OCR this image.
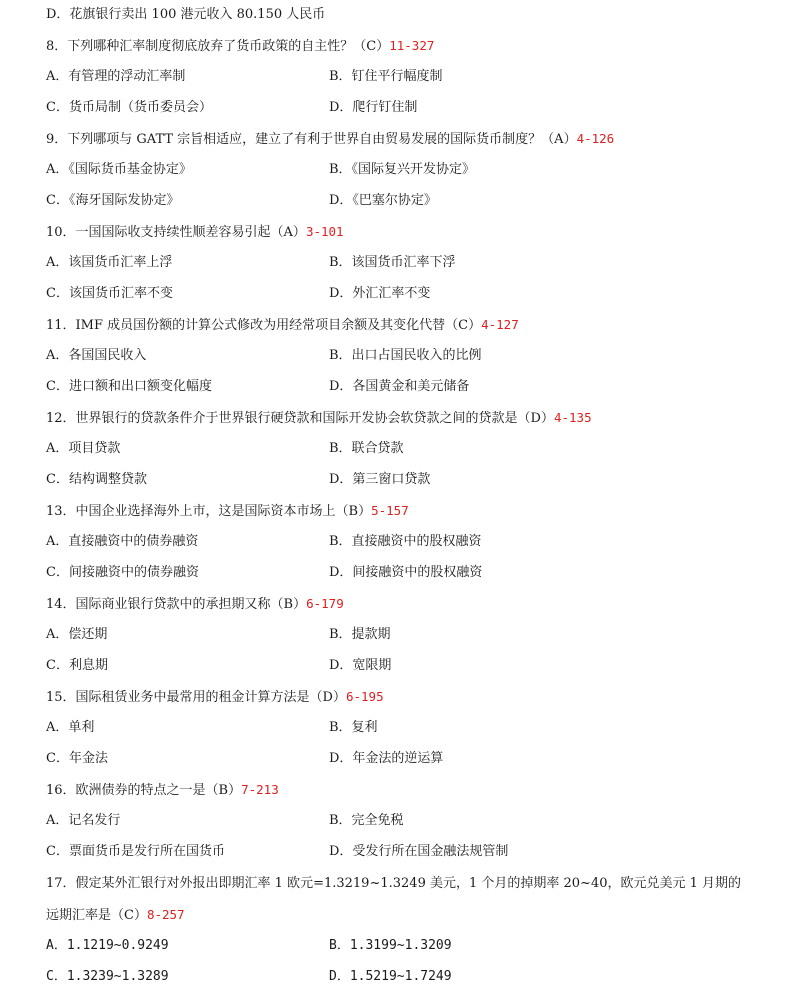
D．花旗银行卖出 100 港元收入 80.150 人民币
8．下列哪种汇率制度彻底放弃了货币政策的自主性？（C）11-327
A．有管理的浮动汇率制	B．钉住平行幅度制
C．货币局制（货币委员会）	D．爬行钉住制
9．下列哪项与 GATT 宗旨相适应，建立了有利于世界自由贸易发展的国际货币制度？（A）4-126
A．《国际货币基金协定》	B．《国际复兴开发协定》
C．《海牙国际发协定》	D．《巴塞尔协定》
10．一国国际收支持续性顺差容易引起（A）3-101
A．该国货币汇率上浮	B．该国货币汇率下浮
C．该国货币汇率不变	D．外汇汇率不变
11．IMF 成员国份额的计算公式修改为用经常项目余额及其变化代替（C）4-127
A．各国国民收入	B．出口占国民收入的比例
C．进口额和出口额变化幅度	D．各国黄金和美元储备
12．世界银行的贷款条件介于世界银行硬贷款和国际开发协会软贷款之间的贷款是（D）4-135
A．项目贷款	B．联合贷款
C．结构调整贷款	D．第三窗口贷款
13．中国企业选择海外上市，这是国际资本市场上（B）5-157
A．直接融资中的债券融资	B．直接融资中的股权融资
C．间接融资中的债券融资	D．间接融资中的股权融资
14．国际商业银行贷款中的承担期又称（B）6-179
A．偿还期	B．提款期
C．利息期	D．宽限期
15．国际租赁业务中最常用的租金计算方法是（D）6-195
A．单利	B．复利
C．年金法	D．年金法的逆运算
16．欧洲债券的特点之一是（B）7-213
A．记名发行	B．完全免税
C．票面货币是发行所在国货币	D．受发行所在国金融法规管制
17．假定某外汇银行对外报出即期汇率 1 欧元=1.3219~1.3249 美元，1 个月的掉期率 20~40，欧元兑美元 1 月期的
远期汇率是（C）8-257
A．1.1219~0.9249	B．1.3199~1.3209
C．1.3239~1.3289	D．1.5219~1.7249
